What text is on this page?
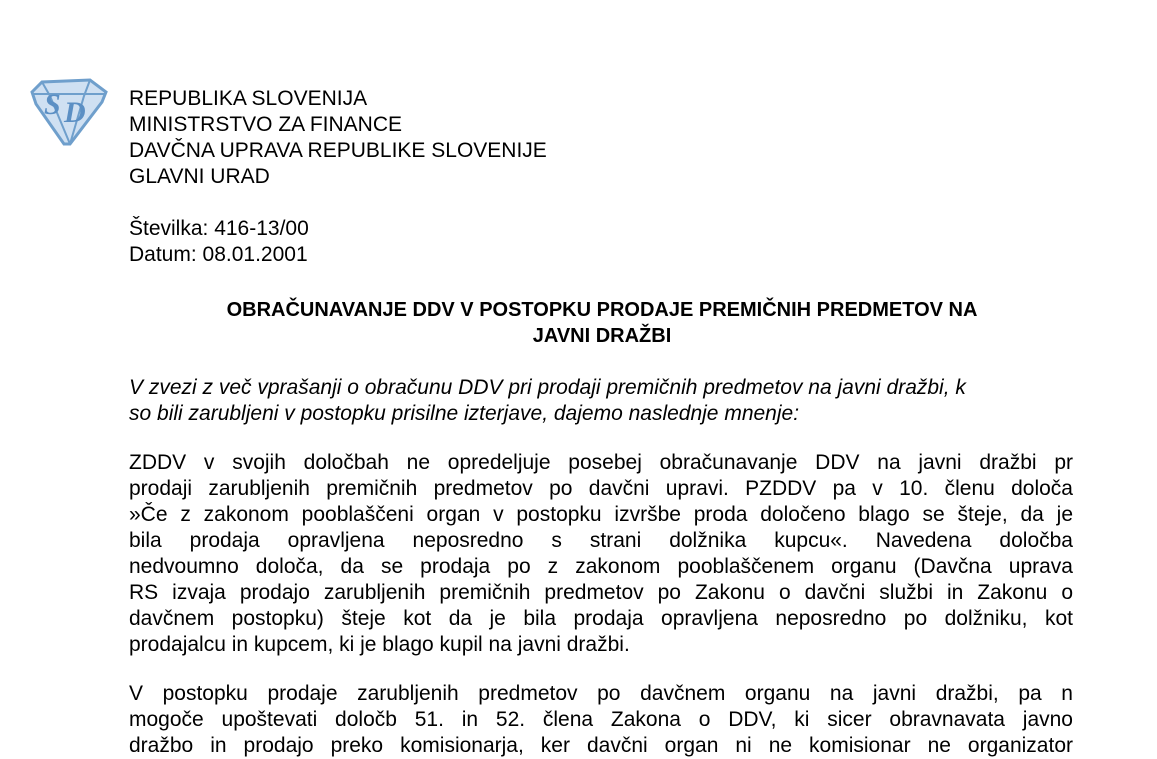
S D REPUBLIKA SLOVENIJA
MINISTRSTVO ZA FINANCE
DAVČNA UPRAVA REPUBLIKE SLOVENIJE
GLAVNI URAD
Številka: 416-13/00
Datum: 08.01.2001
OBRAČUNAVANJE DDV V POSTOPKU PRODAJE PREMIČNIH PREDMETOV NA
JAVNI DRAŽBI
V zvezi z več vprašanji o obračunu DDV pri prodaji premičnih predmetov na javni dražbi, k
so bili zarubljeni v postopku prisilne izterjave, dajemo naslednje mnenje:
ZDDV v svojih določbah ne opredeljuje posebej obračunavanje DDV na javni dražbi pr
prodaji zarubljenih premičnih predmetov po davčni upravi. PZDDV pa v 10. členu določa
»Če z zakonom pooblaščeni organ v postopku izvršbe proda določeno blago se šteje, da je
bila prodaja opravljena neposredno s strani dolžnika kupcu«. Navedena določba
nedvoumno določa, da se prodaja po z zakonom pooblaščenem organu (Davčna uprava
RS izvaja prodajo zarubljenih premičnih predmetov po Zakonu o davčni službi in Zakonu o
davčnem postopku) šteje kot da je bila prodaja opravljena neposredno po dolžniku, kot
prodajalcu in kupcem, ki je blago kupil na javni dražbi.
V postopku prodaje zarubljenih predmetov po davčnem organu na javni dražbi, pa n
mogoče upoštevati določb 51. in 52. člena Zakona o DDV, ki sicer obravnavata javno
dražbo in prodajo preko komisionarja, ker davčni organ ni ne komisionar ne organizator
